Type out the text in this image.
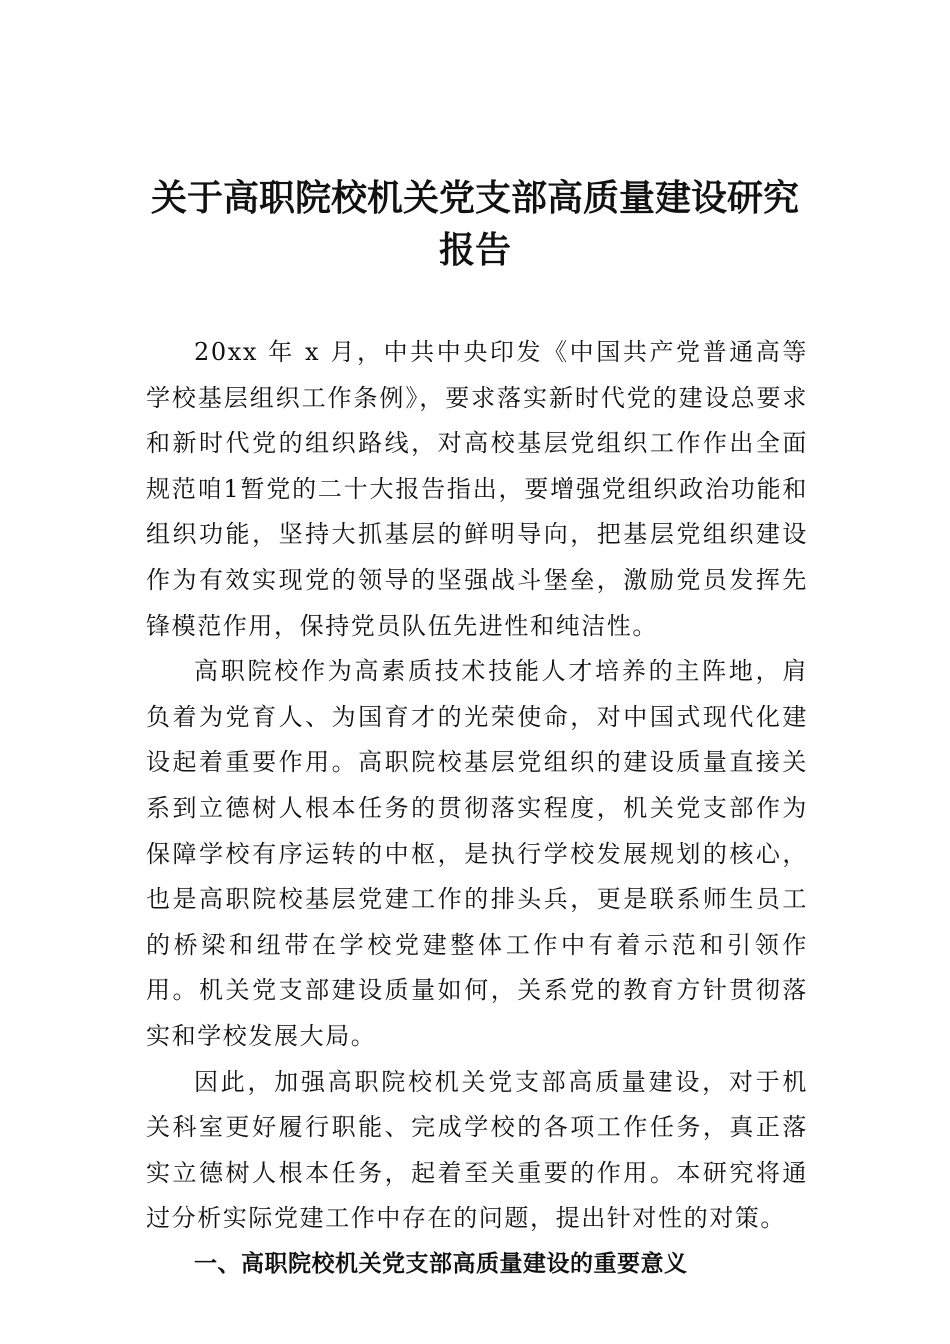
关于高职院校机关党支部高质量建设研究
报告

20xx 年 x 月，中共中央印发《中国共产党普通高等学校基层组织工作条例》，要求落实新时代党的建设总要求和新时代党的组织路线，对高校基层党组织工作作出全面规范咱1暂党的二十大报告指出，要增强党组织政治功能和组织功能，坚持大抓基层的鲜明导向，把基层党组织建设作为有效实现党的领导的坚强战斗堡垒，激励党员发挥先锋模范作用，保持党员队伍先进性和纯洁性。

高职院校作为高素质技术技能人才培养的主阵地，肩负着为党育人、为国育才的光荣使命，对中国式现代化建设起着重要作用。高职院校基层党组织的建设质量直接关系到立德树人根本任务的贯彻落实程度，机关党支部作为保障学校有序运转的中枢，是执行学校发展规划的核心，也是高职院校基层党建工作的排头兵，更是联系师生员工的桥梁和纽带在学校党建整体工作中有着示范和引领作用。机关党支部建设质量如何，关系党的教育方针贯彻落实和学校发展大局。

因此，加强高职院校机关党支部高质量建设，对于机关科室更好履行职能、完成学校的各项工作任务，真正落实立德树人根本任务，起着至关重要的作用。本研究将通过分析实际党建工作中存在的问题，提出针对性的对策。

一、高职院校机关党支部高质量建设的重要意义
